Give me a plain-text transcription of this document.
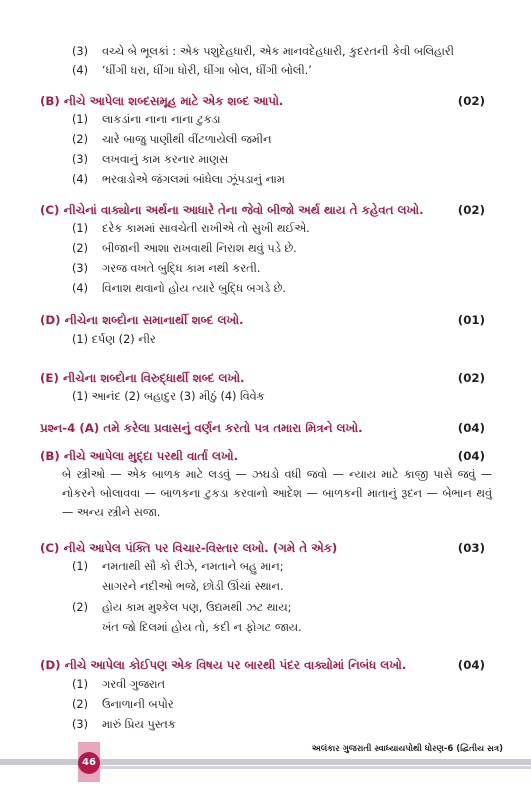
(3) વચ્ચે બે ભૂલકાં : એક પશુદેહધારી, એક માનવદેહધારી, કુદરતની કેવી બલિહારી
(4) ‘ધીંગી ધરા, ધીંગા ધોરી, ધીંગા બોલ, ધીંગી બોલી.’
(B) નીચે આપેલા શબ્દસમૂહ માટે એક શબ્દ આપો.	(02)
(1) લાકડાંના નાના નાના ટુકડા
(2) ચારે બાજુ પાણીથી વીંટળાયેલી જમીન
(3) લખવાનું કામ કરનાર માણસ
(4) ભરવાડોએ જંગલમાં બાંધેલા ઝૂંપડાનું નામ
(C) નીચેનાં વાક્યોના અર્થના આધારે તેના જેવો બીજો અર્થ થાય તે કહેવત લખો.	(02)
(1) દરેક કામમાં સાવચેતી રાખીએ તો સુખી થઈએ.
(2) બીજાની આશા રાખવાથી નિરાશ થવું પડે છે.
(3) ગરજ વખતે બુદ્ધિ કામ નથી કરતી.
(4) વિનાશ થવાનો હોય ત્યારે બુદ્ધિ બગડે છે.
(D) નીચેના શબ્દોના સમાનાર્થી શબ્દ લખો.	(01)
(1) દર્પણ (2) નીર
(E) નીચેના શબ્દોના વિરુદ્ધાર્થી શબ્દ લખો.	(02)
(1) આનંદ (2) બહાદુર (3) મીઠું (4) વિવેક
પ્રશ્ન-4 (A) તમે કરેલા પ્રવાસનું વર્ણન કરતો પત્ર તમારા મિત્રને લખો.	(04)
(B) નીચે આપેલા મુદ્દા પરથી વાર્તા લખો.	(04)
બે સ્ત્રીઓ — એક બાળક માટે લડવું — ઝઘડો વધી જવો — ન્યાય માટે કાજી પાસે જવું — નોકરને બોલાવવા — બાળકના ટુકડા કરવાનો આદેશ — બાળકની માતાનું રૂદન — બેભાન થવું — અન્ય સ્ત્રીને સજા.
(C) નીચે આપેલ પંક્તિ પર વિચાર-વિસ્તાર લખો. (ગમે તે એક)	(03)
(1) નમતાથી સૌ કો રીઝે, નમતાને બહુ માન;
સાગરને નદીઓ ભજે, છોડી ઊંચાં સ્થાન.
(2) હોય કામ મુશ્કેલ પણ, ઉદ્યમથી ઝટ થાય;
ખંત જો દિલમાં હોય તો, કદી ન ફોગટ જાય.
(D) નીચે આપેલા કોઈપણ એક વિષય પર બારથી પંદર વાક્યોમાં નિબંધ લખો.	(04)
(1) ગરવી ગુજરાત
(2) ઉનાળાની બપોર
(3) મારું પ્રિય પુસ્તક
46
અલંકાર ગુજરાતી સ્વાધ્યાયપોથી ધોરણ-6 (દ્વિતીય સત્ર)
